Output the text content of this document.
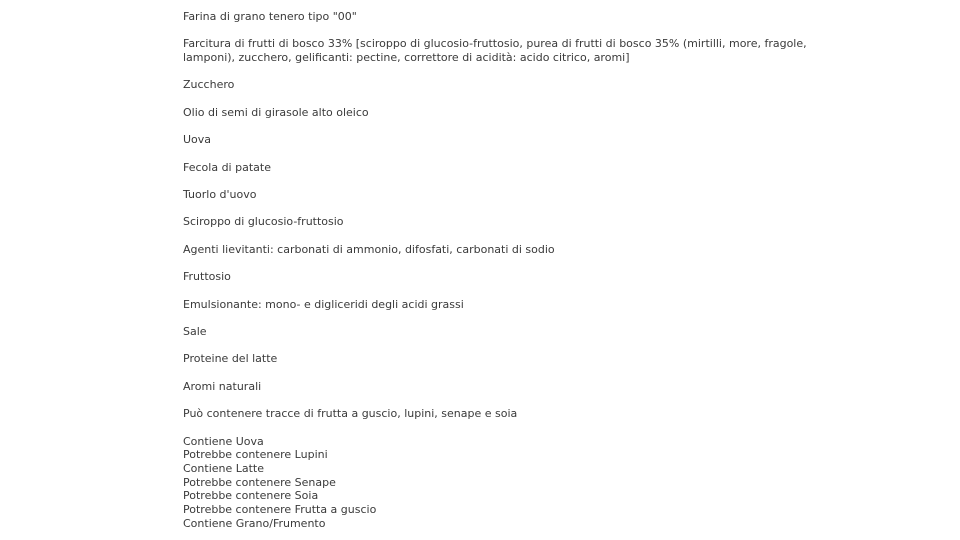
Farina di grano tenero tipo "00"

Farcitura di frutti di bosco 33% [sciroppo di glucosio-fruttosio, purea di frutti di bosco 35% (mirtilli, more, fragole, lamponi), zucchero, gelificanti: pectine, correttore di acidità: acido citrico, aromi]

Zucchero

Olio di semi di girasole alto oleico

Uova

Fecola di patate

Tuorlo d'uovo

Sciroppo di glucosio-fruttosio

Agenti lievitanti: carbonati di ammonio, difosfati, carbonati di sodio

Fruttosio

Emulsionante: mono- e digliceridi degli acidi grassi

Sale

Proteine del latte

Aromi naturali

Può contenere tracce di frutta a guscio, lupini, senape e soia

Contiene Uova
Potrebbe contenere Lupini
Contiene Latte
Potrebbe contenere Senape
Potrebbe contenere Soia
Potrebbe contenere Frutta a guscio
Contiene Grano/Frumento
